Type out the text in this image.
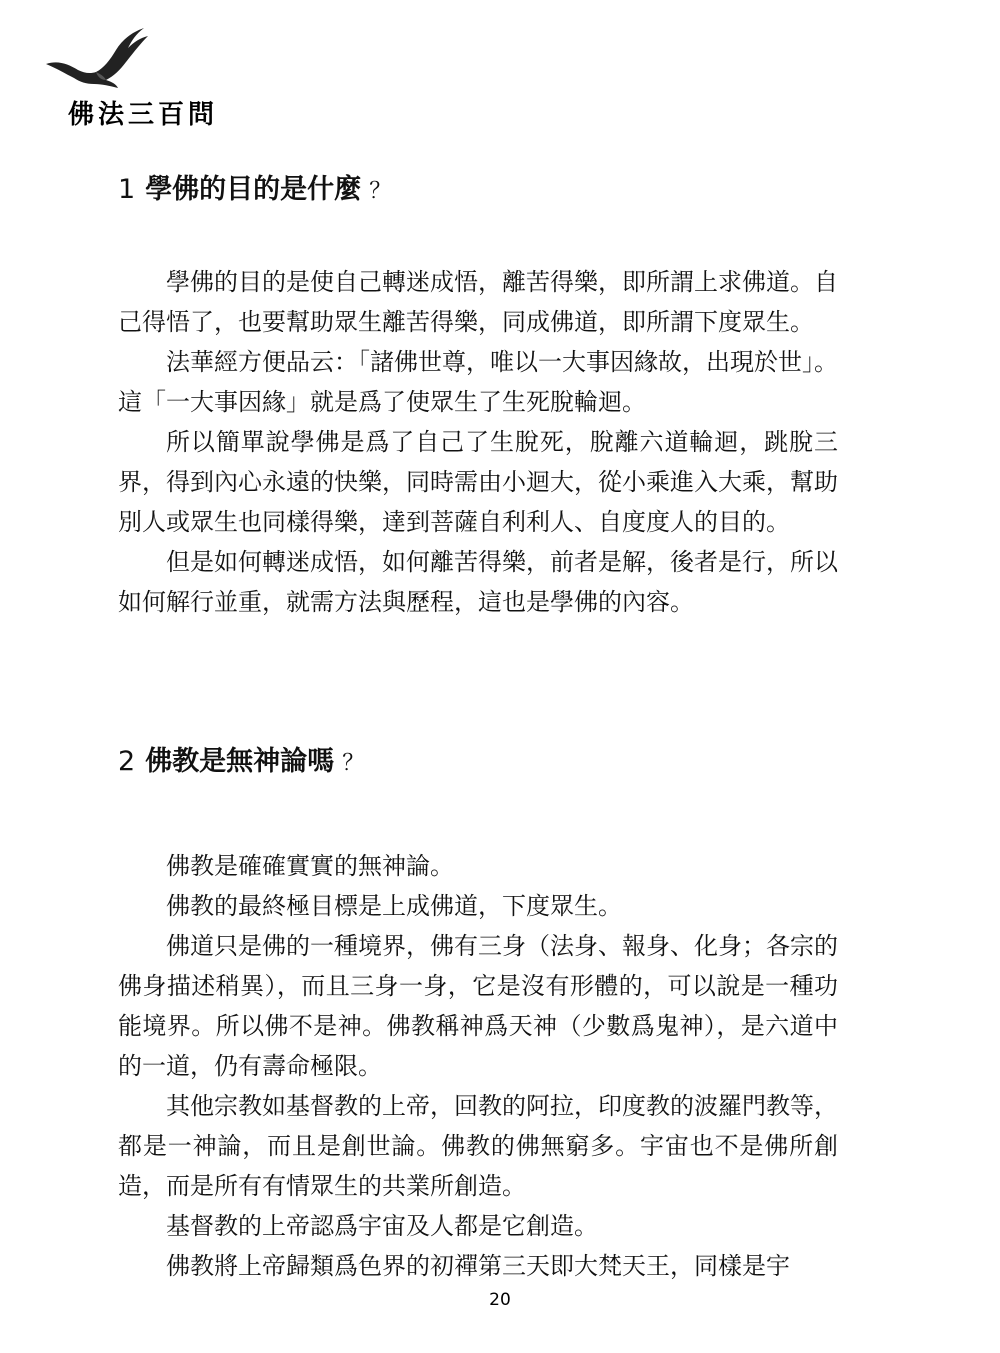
佛法三百問
1 學佛的目的是什麼 ？

學佛的目的是使自己轉迷成悟，離苦得樂，即所謂上求佛道。自己得悟了，也要幫助眾生離苦得樂，同成佛道，即所謂下度眾生。

法華經方便品云：「諸佛世尊，唯以一大事因緣故，出現於世」。這「一大事因緣」就是爲了使眾生了生死脫輪迴。

所以簡單說學佛是爲了自己了生脫死，脫離六道輪迴，跳脫三界，得到內心永遠的快樂，同時需由小迴大，從小乘進入大乘，幫助別人或眾生也同樣得樂，達到菩薩自利利人、自度度人的目的。

但是如何轉迷成悟，如何離苦得樂，前者是解，後者是行，所以如何解行並重，就需方法與歷程，這也是學佛的內容。

2 佛教是無神論嗎 ？

佛教是確確實實的無神論。

佛教的最終極目標是上成佛道，下度眾生。

佛道只是佛的一種境界，佛有三身（法身、報身、化身；各宗的佛身描述稍異），而且三身一身，它是沒有形體的，可以說是一種功能境界。所以佛不是神。佛教稱神爲天神（少數爲鬼神），是六道中的一道，仍有壽命極限。

其他宗教如基督教的上帝，回教的阿拉，印度教的波羅門教等，都是一神論，而且是創世論。佛教的佛無窮多。宇宙也不是佛所創造，而是所有有情眾生的共業所創造。

基督教的上帝認爲宇宙及人都是它創造。

佛教將上帝歸類爲色界的初禪第三天即大梵天王，同樣是宇

20
